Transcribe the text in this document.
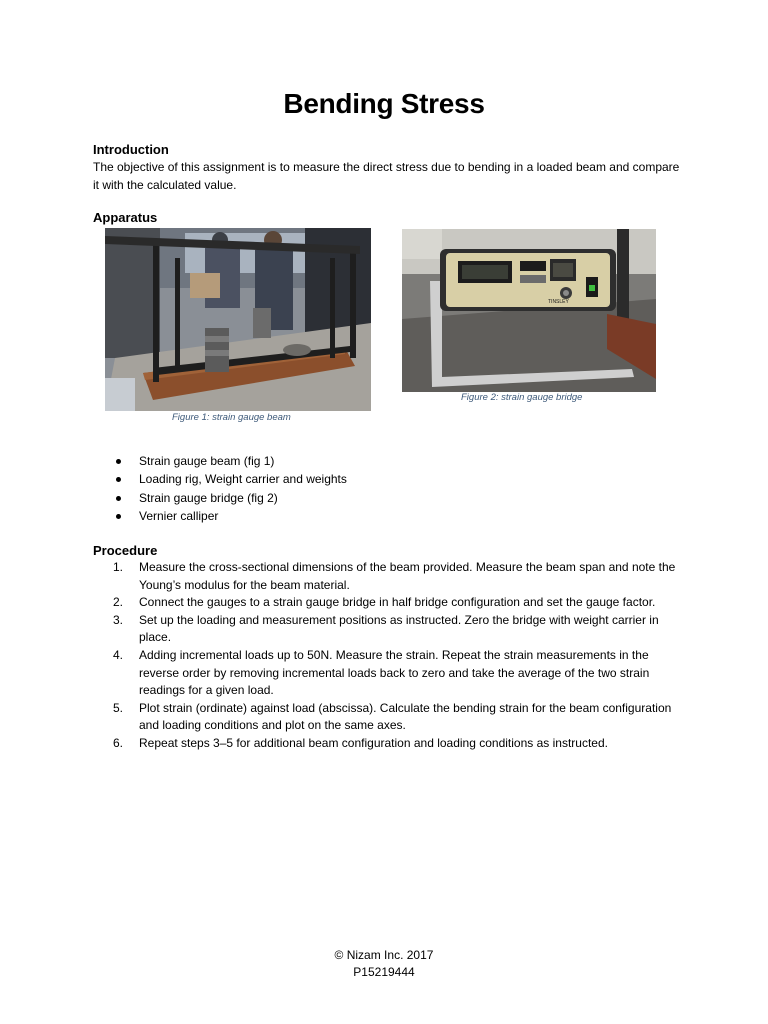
Bending Stress

Introduction

The objective of this assignment is to measure the direct stress due to bending in a loaded beam and compare it with the calculated value.

Apparatus

Figure 1: strain gauge beam
TINSLEY
Figure 2: strain gauge bridge
Strain gauge beam (fig 1)
Loading rig, Weight carrier and weights
Strain gauge bridge (fig 2)
Vernier calliper

Procedure

1. Measure the cross-sectional dimensions of the beam provided. Measure the beam span and note the Young’s modulus for the beam material.
2. Connect the gauges to a strain gauge bridge in half bridge configuration and set the gauge factor.
3. Set up the loading and measurement positions as instructed. Zero the bridge with weight carrier in place.
4. Adding incremental loads up to 50N. Measure the strain. Repeat the strain measurements in the reverse order by removing incremental loads back to zero and take the average of the two strain readings for a given load.
5. Plot strain (ordinate) against load (abscissa). Calculate the bending strain for the beam configuration and loading conditions and plot on the same axes.
6. Repeat steps 3–5 for additional beam configuration and loading conditions as instructed.
© Nizam Inc. 2017
P15219444
